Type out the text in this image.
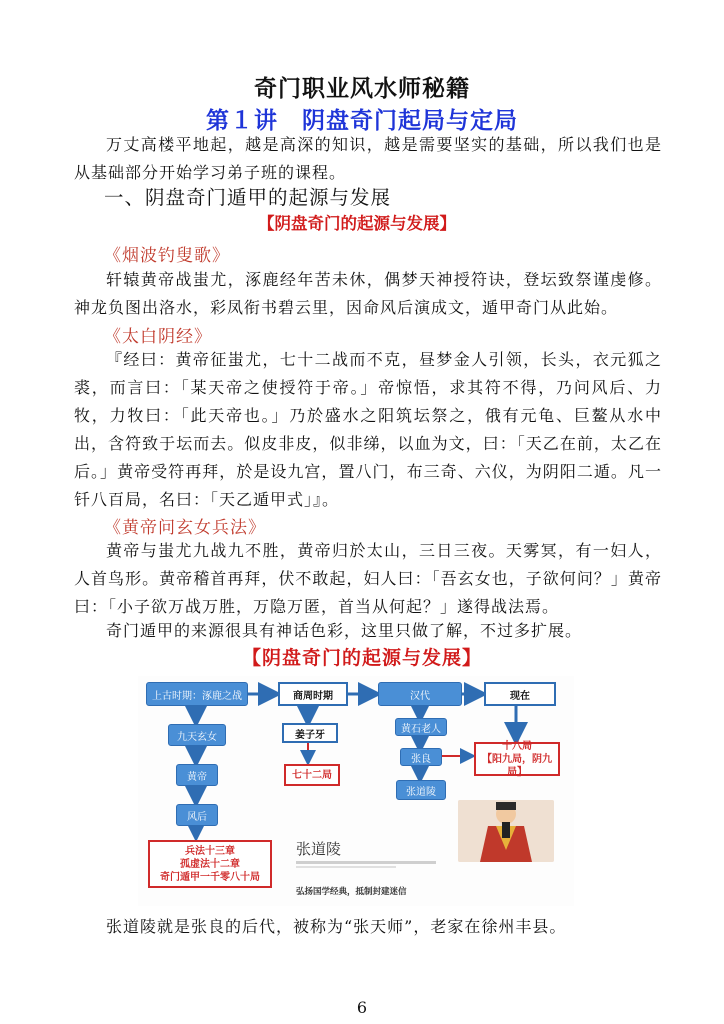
奇门职业风水师秘籍
第１讲　阴盘奇门起局与定局
万丈高楼平地起，越是高深的知识，越是需要坚实的基础，所以我们也是从基础部分开始学习弟子班的课程。
一、阴盘奇门遁甲的起源与发展
【阴盘奇门的起源与发展】
《烟波钓叟歌》
轩辕黄帝战蚩尤，涿鹿经年苦未休，偶梦天神授符诀，登坛致祭谨虔修。神龙负图出洛水，彩凤衔书碧云里，因命风后演成文，遁甲奇门从此始。
《太白阴经》
『经曰：黄帝征蚩尤，七十二战而不克，昼梦金人引领，长头，衣元狐之裘，而言曰：「某天帝之使授符于帝。」帝惊悟，求其符不得，乃问风后、力牧，力牧曰：「此天帝也。」乃於盛水之阳筑坛祭之，俄有元龟、巨鳌从水中出，含符致于坛而去。似皮非皮，似非绨，以血为文，曰：「天乙在前，太乙在后。」黄帝受符再拜，於是设九宫，置八门，布三奇、六仪，为阴阳二遁。凡一钎八百局，名曰：「天乙遁甲式」』。
《黄帝问玄女兵法》
黄帝与蚩尤九战九不胜，黄帝归於太山，三日三夜。天雾冥，有一妇人，人首鸟形。黄帝稽首再拜，伏不敢起，妇人曰：「吾玄女也，子欲何问？」黄帝曰：「小子欲万战万胜，万隐万匿，首当从何起？」遂得战法焉。
奇门遁甲的来源很具有神话色彩，这里只做了解，不过多扩展。
【阴盘奇门的起源与发展】
上古时期：涿鹿之战	商周时期	汉代	现在
九天玄女
黄帝
风后
姜子牙
七十二局
黄石老人
张良
张道陵
十八局
【阳九局，阴九局】
兵法十三章
孤虚法十二章
奇门遁甲一千零八十局
张道陵
弘扬国学经典，抵制封建迷信
张道陵就是张良的后代，被称为“张天师”，老家在徐州丰县。
6
